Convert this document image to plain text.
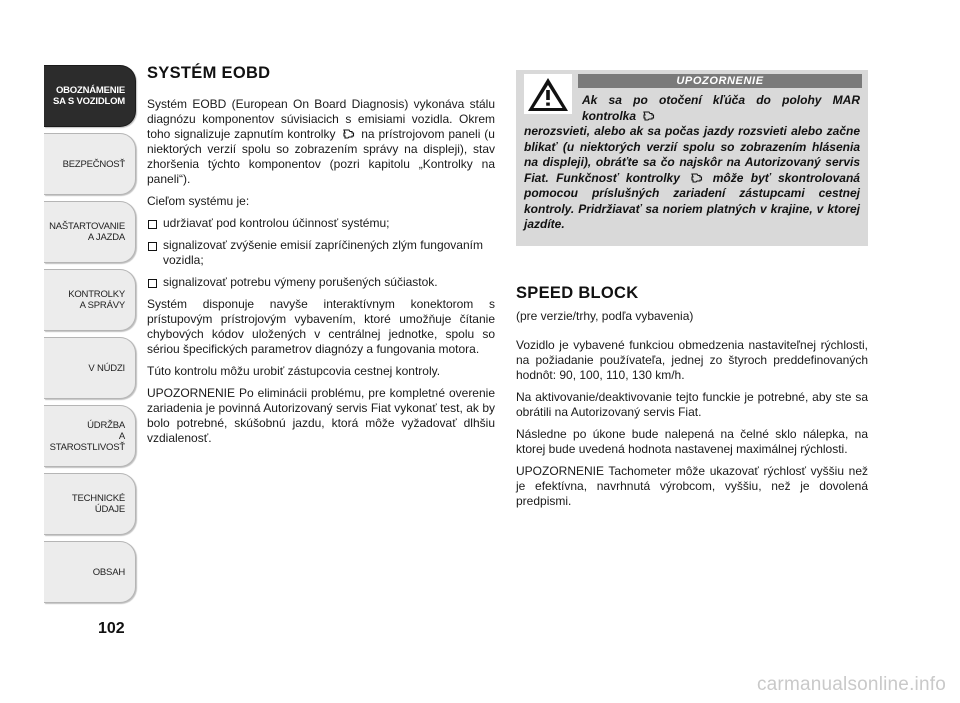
OBOZNÁMENIE
SA S VOZIDLOM
BEZPEČNOSŤ
NAŠTARTOVANIE
A JAZDA
KONTROLKY
A SPRÁVY
V NÚDZI
ÚDRŽBA
A STAROSTLIVOSŤ
TECHNICKÉ
ÚDAJE
OBSAH
102
SYSTÉM EOBD

Systém EOBD (European On Board Diagnosis) vykonáva stálu diagnózu komponentov súvisiacich s emisiami vozidla. Okrem toho signalizuje zapnutím kontrolky na prístrojovom paneli (u niektorých verzií spolu so zobrazením správy na displeji), stav zhoršenia týchto komponentov (pozri kapitolu „Kontrolky na paneli“).

Cieľom systému je:

udržiavať pod kontrolou účinnosť systému;
signalizovať zvýšenie emisií zapríčinených zlým fungovaním vozidla;
signalizovať potrebu výmeny porušených súčiastok.

Systém disponuje navyše interaktívnym konektorom s prístupovým prístrojovým vybavením, ktoré umožňuje čítanie chybových kódov uložených v centrálnej jednotke, spolu so sériou špecifických parametrov diagnózy a fungovania motora.

Túto kontrolu môžu urobiť zástupcovia cestnej kontroly.

UPOZORNENIE Po eliminácii problému, pre kompletné overenie zariadenia je povinná Autorizovaný servis Fiat vykonať test, ak by bolo potrebné, skúšobnú jazdu, ktorá môže vyžadovať dlhšiu vzdialenosť.

UPOZORNENIE
Ak sa po otočení kľúča do polohy MAR kontrolka
nerozsvieti, alebo ak sa počas jazdy rozsvieti alebo začne blikať (u niektorých verzií spolu so zobrazením hlásenia na displeji), obráťte sa čo najskôr na Autorizovaný servis Fiat. Funkčnosť kontrolky	môže byť skontrolovaná pomocou príslušných zariadení zástupcami cestnej kontroly. Pridržiavať sa noriem platných v krajine, v ktorej jazdíte.
SPEED BLOCK

(pre verzie/trhy, podľa vybavenia)

Vozidlo je vybavené funkciou obmedzenia nastaviteľnej rýchlosti, na požiadanie používateľa, jednej zo štyroch preddefinovaných hodnôt: 90, 100, 110, 130 km/h.

Na aktivovanie/deaktivovanie tejto funckie je potrebné, aby ste sa obrátili na Autorizovaný servis Fiat.

Následne po úkone bude nalepená na čelné sklo nálepka, na ktorej bude uvedená hodnota nastavenej maximálnej rýchlosti.

UPOZORNENIE Tachometer môže ukazovať rýchlosť vyššiu než je efektívna, navrhnutá výrobcom, vyššiu, než je dovolená predpismi.

carmanualsonline.info
